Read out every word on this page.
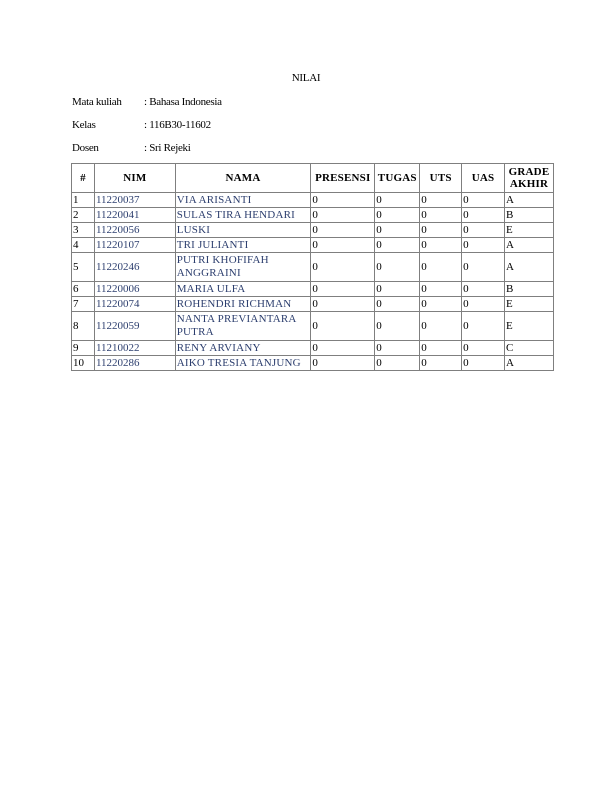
NILAI
Mata kuliah : Bahasa Indonesia
Kelas	: 116B30-11602
Dosen	: Sri Rejeki
#	NIM	NAMA	PRESENSI	TUGAS	UTS	UAS	GRADE AKHIR
1	11220037	VIA ARISANTI	0	0	0	0	A
2	11220041	SULAS TIRA HENDARI	0	0	0	0	B
3	11220056	LUSKI	0	0	0	0	E
4	11220107	TRI JULIANTI	0	0	0	0	A
5	11220246	PUTRI KHOFIFAH ANGGRAINI	0	0	0	0	A
6	11220006	MARIA ULFA	0	0	0	0	B
7	11220074	ROHENDRI RICHMAN	0	0	0	0	E
8	11220059	NANTA PREVIANTARA PUTRA	0	0	0	0	E
9	11210022	RENY ARVIANY	0	0	0	0	C
10	11220286	AIKO TRESIA TANJUNG	0	0	0	0	A
